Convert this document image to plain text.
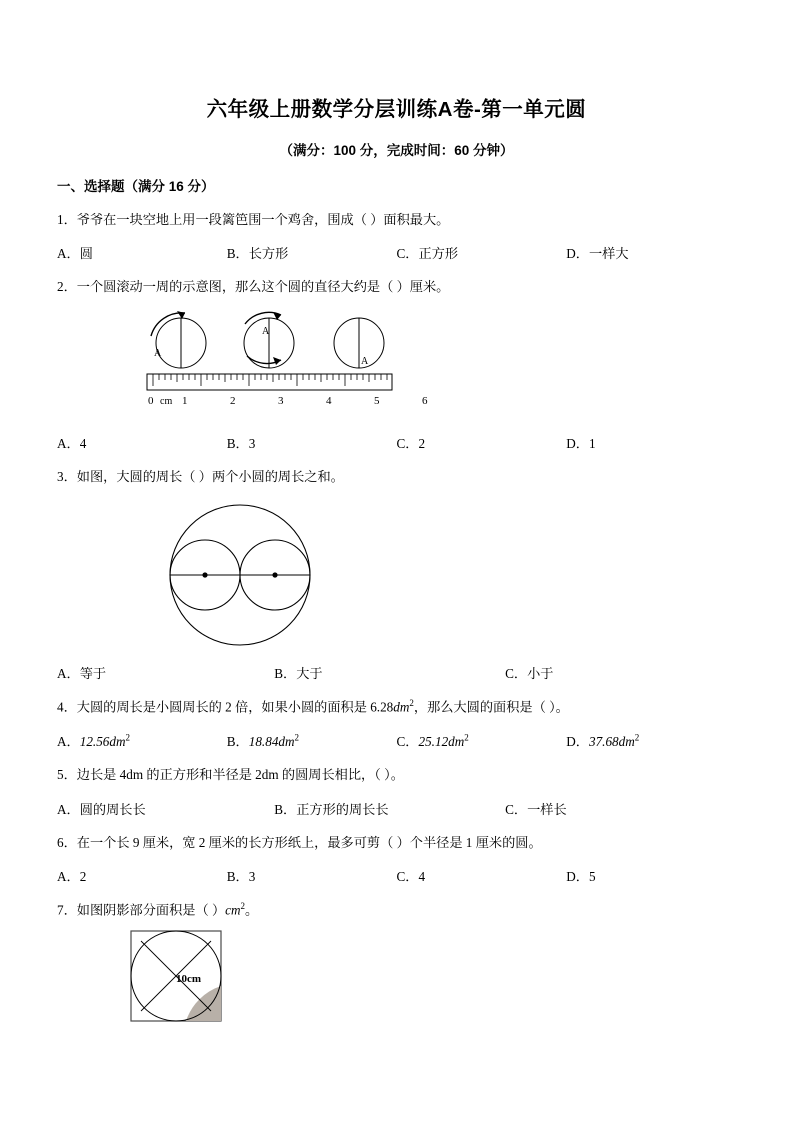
六年级上册数学分层训练A卷-第一单元圆
（满分：100 分，完成时间：60 分钟）
一、选择题（满分 16 分）
1．爷爷在一块空地上用一段篱笆围一个鸡舍，围成（ ）面积最大。
A．圆	B．长方形	C．正方形	D．一样大
2．一个圆滚动一周的示意图，那么这个圆的直径大约是（ ）厘米。
A
A
A
0 cm 1	2	3	4	5	6
A．4	B．3	C．2	D．1
3．如图，大圆的周长（ ）两个小圆的周长之和。
A．等于	B．大于	C．小于
4．大圆的周长是小圆周长的 2 倍，如果小圆的面积是 $6.28dm^2$，那么大圆的面积是（ ）。
A．$12.56dm^2$	B．$18.84dm^2$	C．$25.12dm^2$	D．$37.68dm^2$
5．边长是 4dm 的正方形和半径是 2dm 的圆周长相比，（ ）。
A．圆的周长长	B．正方形的周长长	C．一样长
6．在一个长 9 厘米，宽 2 厘米的长方形纸上，最多可剪（ ）个半径是 1 厘米的圆。
A．2	B．3	C．4	D．5
7．如图阴影部分面积是（ ）$cm^2$。
10cm
